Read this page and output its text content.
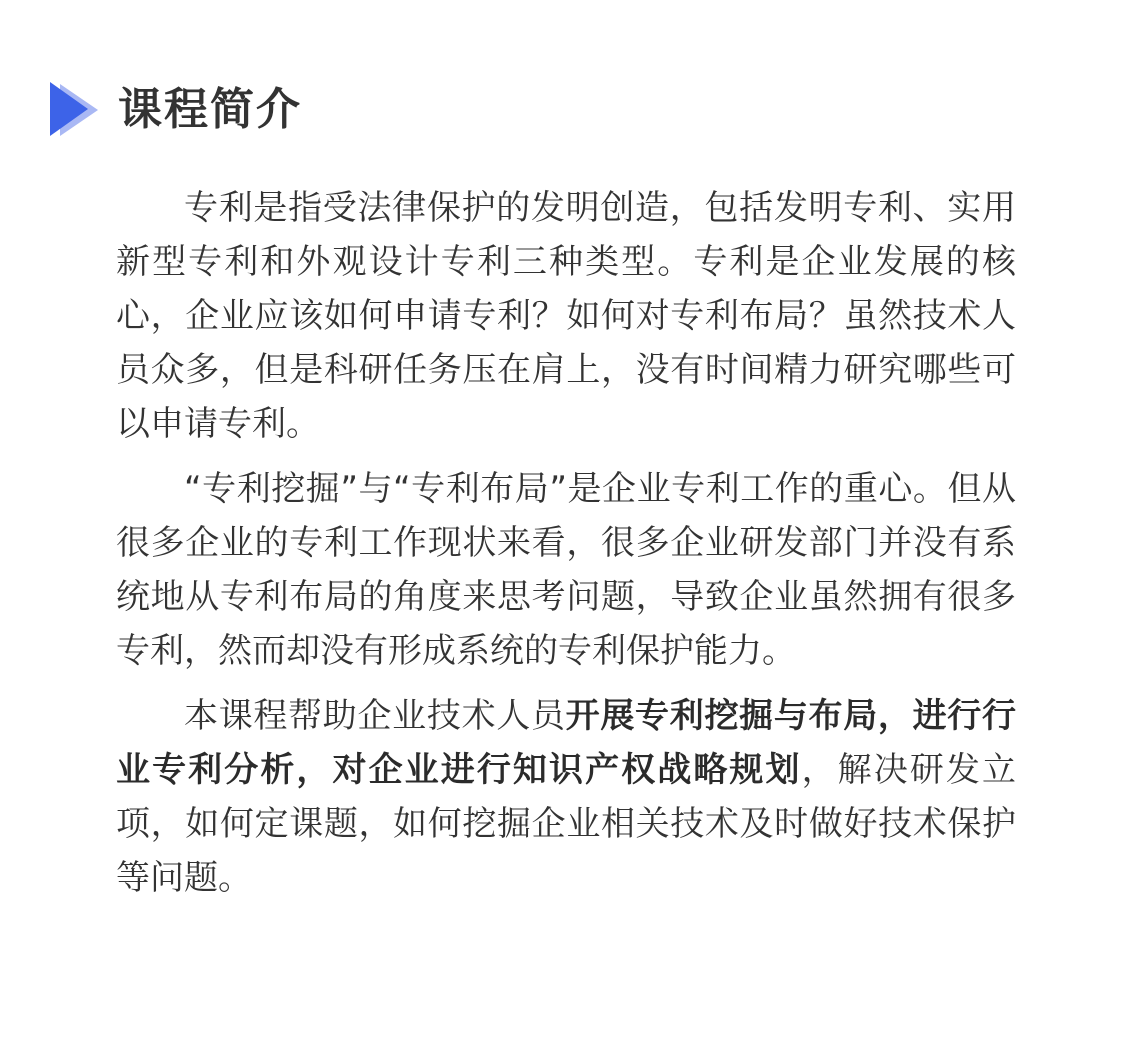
课程简介

专利是指受法律保护的发明创造，包括发明专利、实用新型专利和外观设计专利三种类型。专利是企业发展的核心，企业应该如何申请专利？如何对专利布局？虽然技术人员众多，但是科研任务压在肩上，没有时间精力研究哪些可以申请专利。

“专利挖掘”与“专利布局”是企业专利工作的重心。但从很多企业的专利工作现状来看，很多企业研发部门并没有系统地从专利布局的角度来思考问题，导致企业虽然拥有很多专利，然而却没有形成系统的专利保护能力。

本课程帮助企业技术人员开展专利挖掘与布局，进行行业专利分析，对企业进行知识产权战略规划，解决研发立项，如何定课题，如何挖掘企业相关技术及时做好技术保护等问题。
